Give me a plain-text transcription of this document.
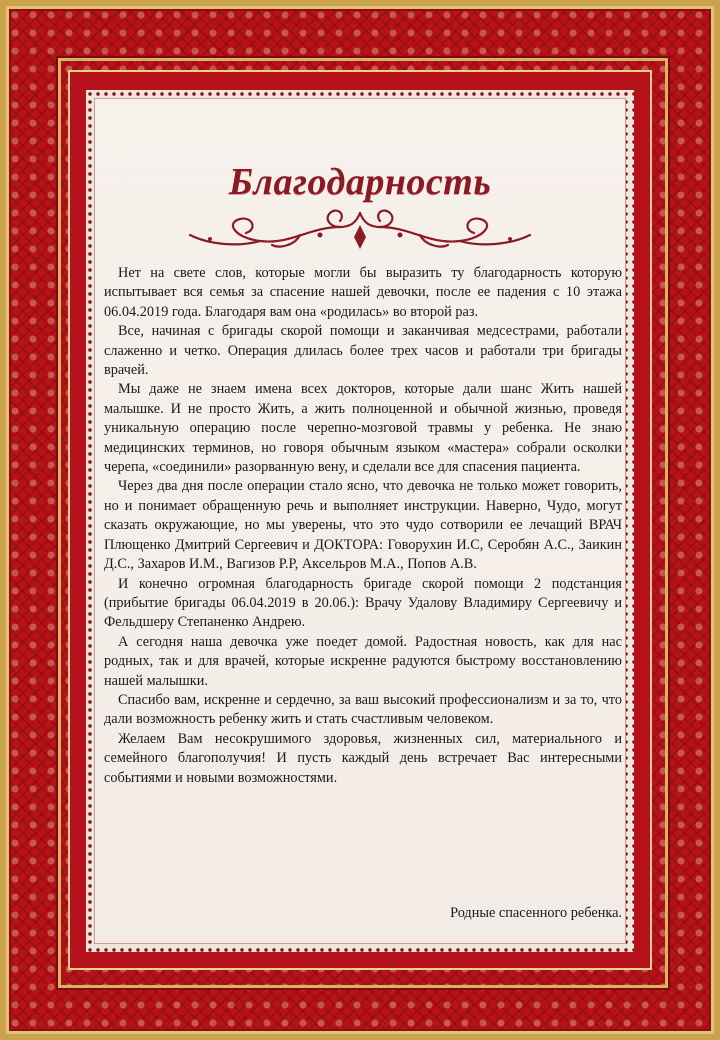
Благодарность

Нет на свете слов, которые могли бы выразить ту благодарность которую испытывает вся семья за спасение нашей девочки, после ее падения с 10 этажа 06.04.2019 года. Благодаря вам она «родилась» во второй раз.

Все, начиная с бригады скорой помощи и заканчивая медсестрами, работали слаженно и четко. Операция длилась более трех часов и работали три бригады врачей.

Мы даже не знаем имена всех докторов, которые дали шанс Жить нашей малышке. И не просто Жить, а жить полноценной и обычной жизнью, проведя уникальную операцию после черепно-мозговой травмы у ребенка. Не знаю медицинских терминов, но говоря обычным языком «мастера» собрали осколки черепа, «соединили» разорванную вену, и сделали все для спасения пациента.

Через два дня после операции стало ясно, что девочка не только может говорить, но и понимает обращенную речь и выполняет инструкции. Наверно, Чудо, могут сказать окружающие, но мы уверены, что это чудо сотворили ее лечащий ВРАЧ Плющенко Дмитрий Сергеевич и ДОКТОРА: Говорухин И.С, Серобян А.С., Заикин Д.С., Захаров И.М., Вагизов Р.Р, Аксельров М.А., Попов А.В.

И конечно огромная благодарность бригаде скорой помощи 2 подстанция (прибытие бригады 06.04.2019 в 20.06.): Врачу Удалову Владимиру Сергеевичу и Фельдшеру Степаненко Андрею.

А сегодня наша девочка уже поедет домой. Радостная новость, как для нас родных, так и для врачей, которые искренне радуются быстрому восстановлению нашей малышки.

Спасибо вам, искренне и сердечно, за ваш высокий профессионализм и за то, что дали возможность ребенку жить и стать счастливым человеком.

Желаем Вам несокрушимого здоровья, жизненных сил, материального и семейного благополучия! И пусть каждый день встречает Вас интересными событиями и новыми возможностями.

Родные спасенного ребенка.
